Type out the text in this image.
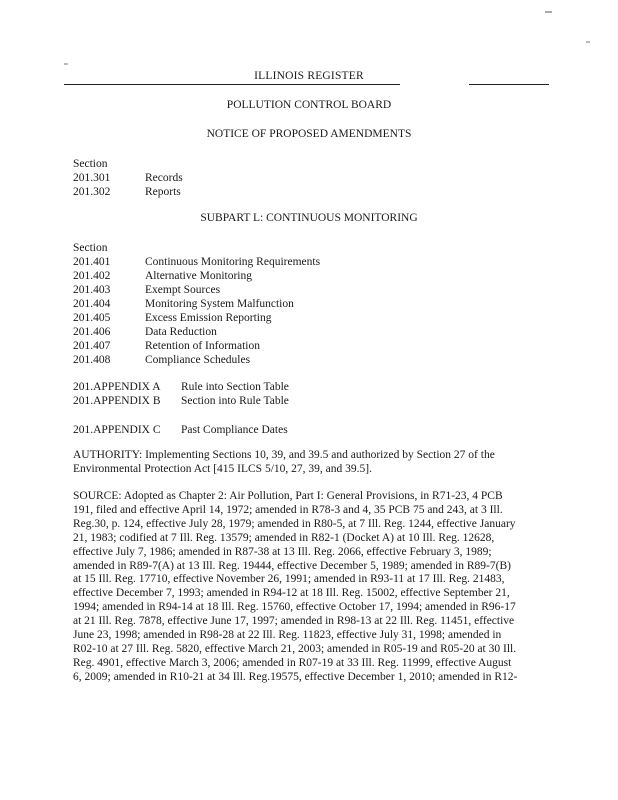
ILLINOIS REGISTER
POLLUTION CONTROL BOARD
NOTICE OF PROPOSED AMENDMENTS
Section
201.301	Records
201.302	Reports
SUBPART L: CONTINUOUS MONITORING
Section
201.401	Continuous Monitoring Requirements
201.402	Alternative Monitoring
201.403	Exempt Sources
201.404	Monitoring System Malfunction
201.405	Excess Emission Reporting
201.406	Data Reduction
201.407	Retention of Information
201.408	Compliance Schedules
201.APPENDIX A Rule into Section Table
201.APPENDIX B Section into Rule Table
201.APPENDIX C Past Compliance Dates
AUTHORITY: Implementing Sections 10, 39, and 39.5 and authorized by Section 27 of the
Environmental Protection Act [415 ILCS 5/10, 27, 39, and 39.5].
SOURCE: Adopted as Chapter 2: Air Pollution, Part I: General Provisions, in R71-23, 4 PCB
191, filed and effective April 14, 1972; amended in R78-3 and 4, 35 PCB 75 and 243, at 3 Ill.
Reg.30, p. 124, effective July 28, 1979; amended in R80-5, at 7 Ill. Reg. 1244, effective January
21, 1983; codified at 7 Ill. Reg. 13579; amended in R82-1 (Docket A) at 10 Ill. Reg. 12628,
effective July 7, 1986; amended in R87-38 at 13 Ill. Reg. 2066, effective February 3, 1989;
amended in R89-7(A) at 13 Ill. Reg. 19444, effective December 5, 1989; amended in R89-7(B)
at 15 Ill. Reg. 17710, effective November 26, 1991; amended in R93-11 at 17 Ill. Reg. 21483,
effective December 7, 1993; amended in R94-12 at 18 Ill. Reg. 15002, effective September 21,
1994; amended in R94-14 at 18 Ill. Reg. 15760, effective October 17, 1994; amended in R96-17
at 21 Ill. Reg. 7878, effective June 17, 1997; amended in R98-13 at 22 Ill. Reg. 11451, effective
June 23, 1998; amended in R98-28 at 22 Ill. Reg. 11823, effective July 31, 1998; amended in
R02-10 at 27 Ill. Reg. 5820, effective March 21, 2003; amended in R05-19 and R05-20 at 30 Ill.
Reg. 4901, effective March 3, 2006; amended in R07-19 at 33 Ill. Reg. 11999, effective August
6, 2009; amended in R10-21 at 34 Ill. Reg.19575, effective December 1, 2010; amended in R12-
